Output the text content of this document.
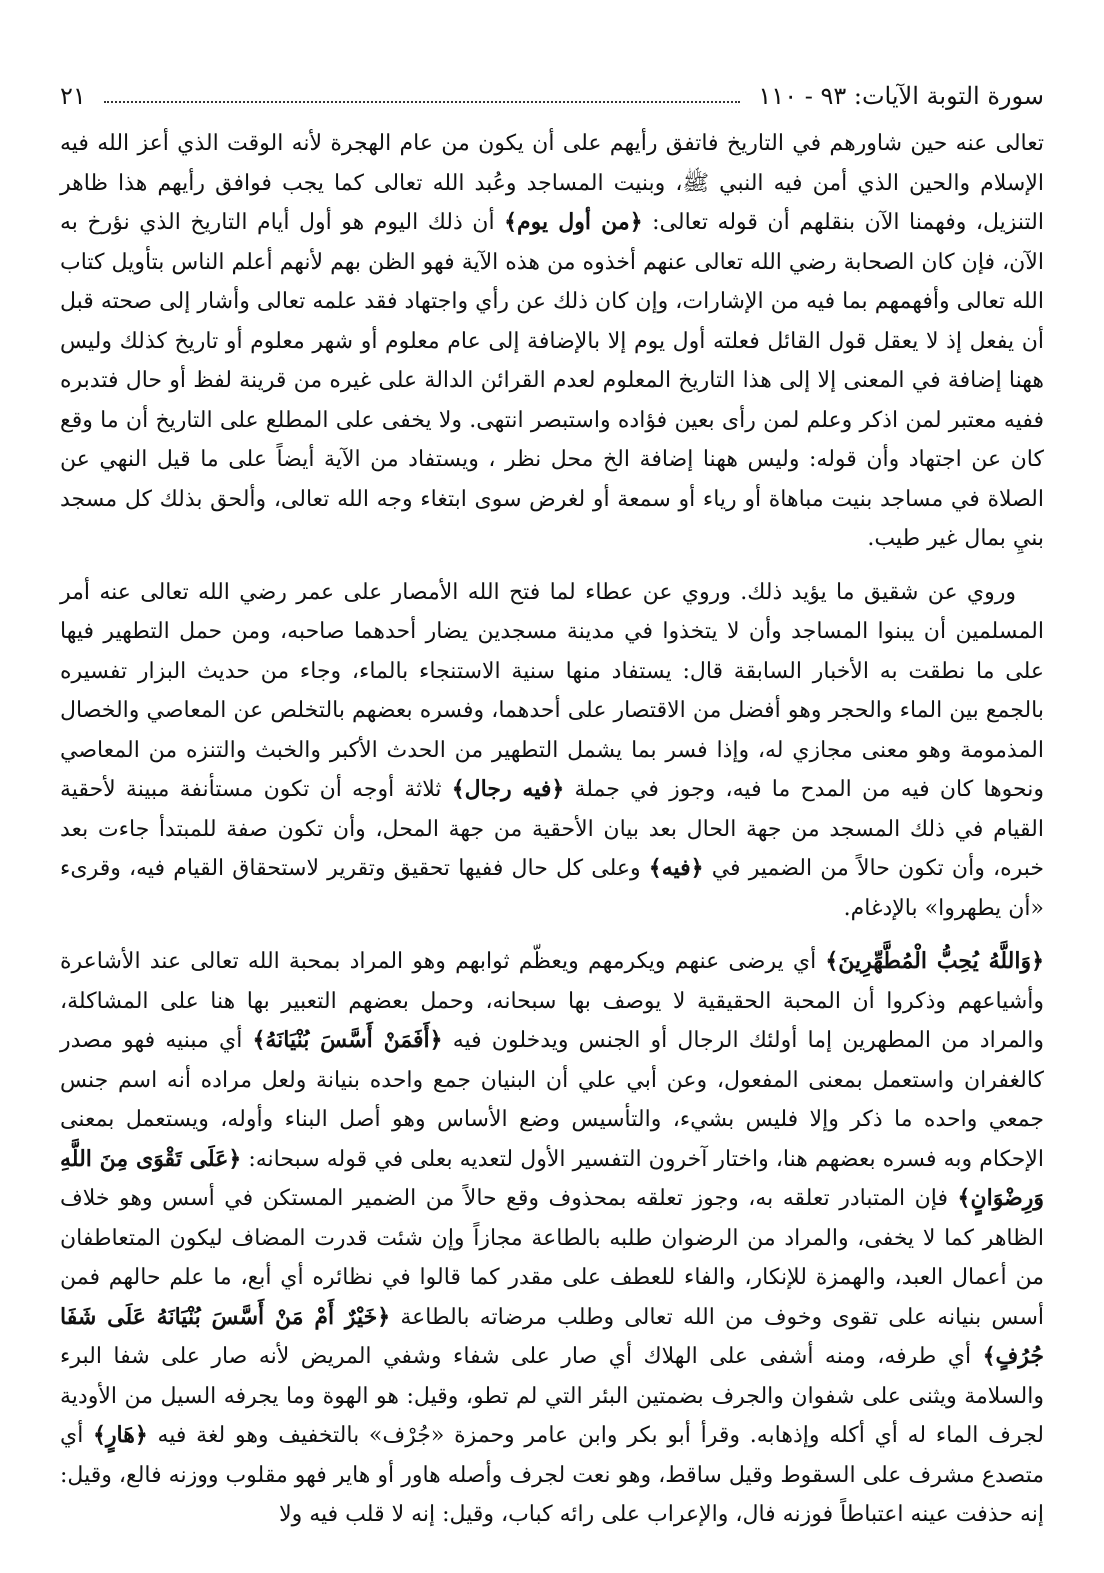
سورة التوبة الآيات: ٩٣ - ١١٠
٢١

تعالى عنه حين شاورهم في التاريخ فاتفق رأيهم على أن يكون من عام الهجرة لأنه الوقت الذي أعز الله فيه الإسلام والحين الذي أمن فيه النبي ﷺ، وبنيت المساجد وعُبد الله تعالى كما يجب فوافق رأيهم هذا ظاهر التنزيل، وفهمنا الآن بنقلهم أن قوله تعالى: ﴿من أول يوم﴾ أن ذلك اليوم هو أول أيام التاريخ الذي نؤرخ به الآن، فإن كان الصحابة رضي الله تعالى عنهم أخذوه من هذه الآية فهو الظن بهم لأنهم أعلم الناس بتأويل كتاب الله تعالى وأفهمهم بما فيه من الإشارات، وإن كان ذلك عن رأي واجتهاد فقد علمه تعالى وأشار إلى صحته قبل أن يفعل إذ لا يعقل قول القائل فعلته أول يوم إلا بالإضافة إلى عام معلوم أو شهر معلوم أو تاريخ كذلك وليس ههنا إضافة في المعنى إلا إلى هذا التاريخ المعلوم لعدم القرائن الدالة على غيره من قرينة لفظ أو حال فتدبره ففيه معتبر لمن اذكر وعلم لمن رأى بعين فؤاده واستبصر انتهى. ولا يخفى على المطلع على التاريخ أن ما وقع كان عن اجتهاد وأن قوله: وليس ههنا إضافة الخ محل نظر ، ويستفاد من الآية أيضاً على ما قيل النهي عن الصلاة في مساجد بنيت مباهاة أو رياء أو سمعة أو لغرض سوى ابتغاء وجه الله تعالى، وألحق بذلك كل مسجد بنيِ بمال غير طيب.

وروي عن شقيق ما يؤيد ذلك. وروي عن عطاء لما فتح الله الأمصار على عمر رضي الله تعالى عنه أمر المسلمين أن يبنوا المساجد وأن لا يتخذوا في مدينة مسجدين يضار أحدهما صاحبه، ومن حمل التطهير فيها على ما نطقت به الأخبار السابقة قال: يستفاد منها سنية الاستنجاء بالماء، وجاء من حديث البزار تفسيره بالجمع بين الماء والحجر وهو أفضل من الاقتصار على أحدهما، وفسره بعضهم بالتخلص عن المعاصي والخصال المذمومة وهو معنى مجازي له، وإذا فسر بما يشمل التطهير من الحدث الأكبر والخبث والتنزه من المعاصي ونحوها كان فيه من المدح ما فيه، وجوز في جملة ﴿فيه رجال﴾ ثلاثة أوجه أن تكون مستأنفة مبينة لأحقية القيام في ذلك المسجد من جهة الحال بعد بيان الأحقية من جهة المحل، وأن تكون صفة للمبتدأ جاءت بعد خبره، وأن تكون حالاً من الضمير في ﴿فيه﴾ وعلى كل حال ففيها تحقيق وتقرير لاستحقاق القيام فيه، وقرىء «أن يطهروا» بالإدغام.

﴿وَاللَّهُ يُحِبُّ الْمُطَّهِّرِينَ﴾ أي يرضى عنهم ويكرمهم ويعظّم ثوابهم وهو المراد بمحبة الله تعالى عند الأشاعرة وأشياعهم وذكروا أن المحبة الحقيقية لا يوصف بها سبحانه، وحمل بعضهم التعبير بها هنا على المشاكلة، والمراد من المطهرين إما أولئك الرجال أو الجنس ويدخلون فيه ﴿أَفَمَنْ أَسَّسَ بُنْيَانَهُ﴾ أي مبنيه فهو مصدر كالغفران واستعمل بمعنى المفعول، وعن أبي علي أن البنيان جمع واحده بنيانة ولعل مراده أنه اسم جنس جمعي واحده ما ذكر وإلا فليس بشيء، والتأسيس وضع الأساس وهو أصل البناء وأوله، ويستعمل بمعنى الإحكام وبه فسره بعضهم هنا، واختار آخرون التفسير الأول لتعديه بعلى في قوله سبحانه: ﴿عَلَى تَقْوَى مِنَ اللَّهِ وَرِضْوَانٍ﴾ فإن المتبادر تعلقه به، وجوز تعلقه بمحذوف وقع حالاً من الضمير المستكن في أسس وهو خلاف الظاهر كما لا يخفى، والمراد من الرضوان طلبه بالطاعة مجازاً وإن شئت قدرت المضاف ليكون المتعاطفان من أعمال العبد، والهمزة للإنكار، والفاء للعطف على مقدر كما قالوا في نظائره أي أبع، ما علم حالهم فمن أسس بنيانه على تقوى وخوف من الله تعالى وطلب مرضاته بالطاعة ﴿خَيْرٌ أَمْ مَنْ أَسَّسَ بُنْيَانَهُ عَلَى شَفَا جُرُفٍ﴾ أي طرفه، ومنه أشفى على الهلاك أي صار على شفاء وشفي المريض لأنه صار على شفا البرء والسلامة ويثنى على شفوان والجرف بضمتين البئر التي لم تطو، وقيل: هو الهوة وما يجرفه السيل من الأودية لجرف الماء له أي أكله وإذهابه. وقرأ أبو بكر وابن عامر وحمزة «جُرْف» بالتخفيف وهو لغة فيه ﴿هَارٍ﴾ أي متصدع مشرف على السقوط وقيل ساقط، وهو نعت لجرف وأصله هاور أو هاير فهو مقلوب ووزنه فالع، وقيل: إنه حذفت عينه اعتباطاً فوزنه فال، والإعراب على رائه كباب، وقيل: إنه لا قلب فيه ولا
